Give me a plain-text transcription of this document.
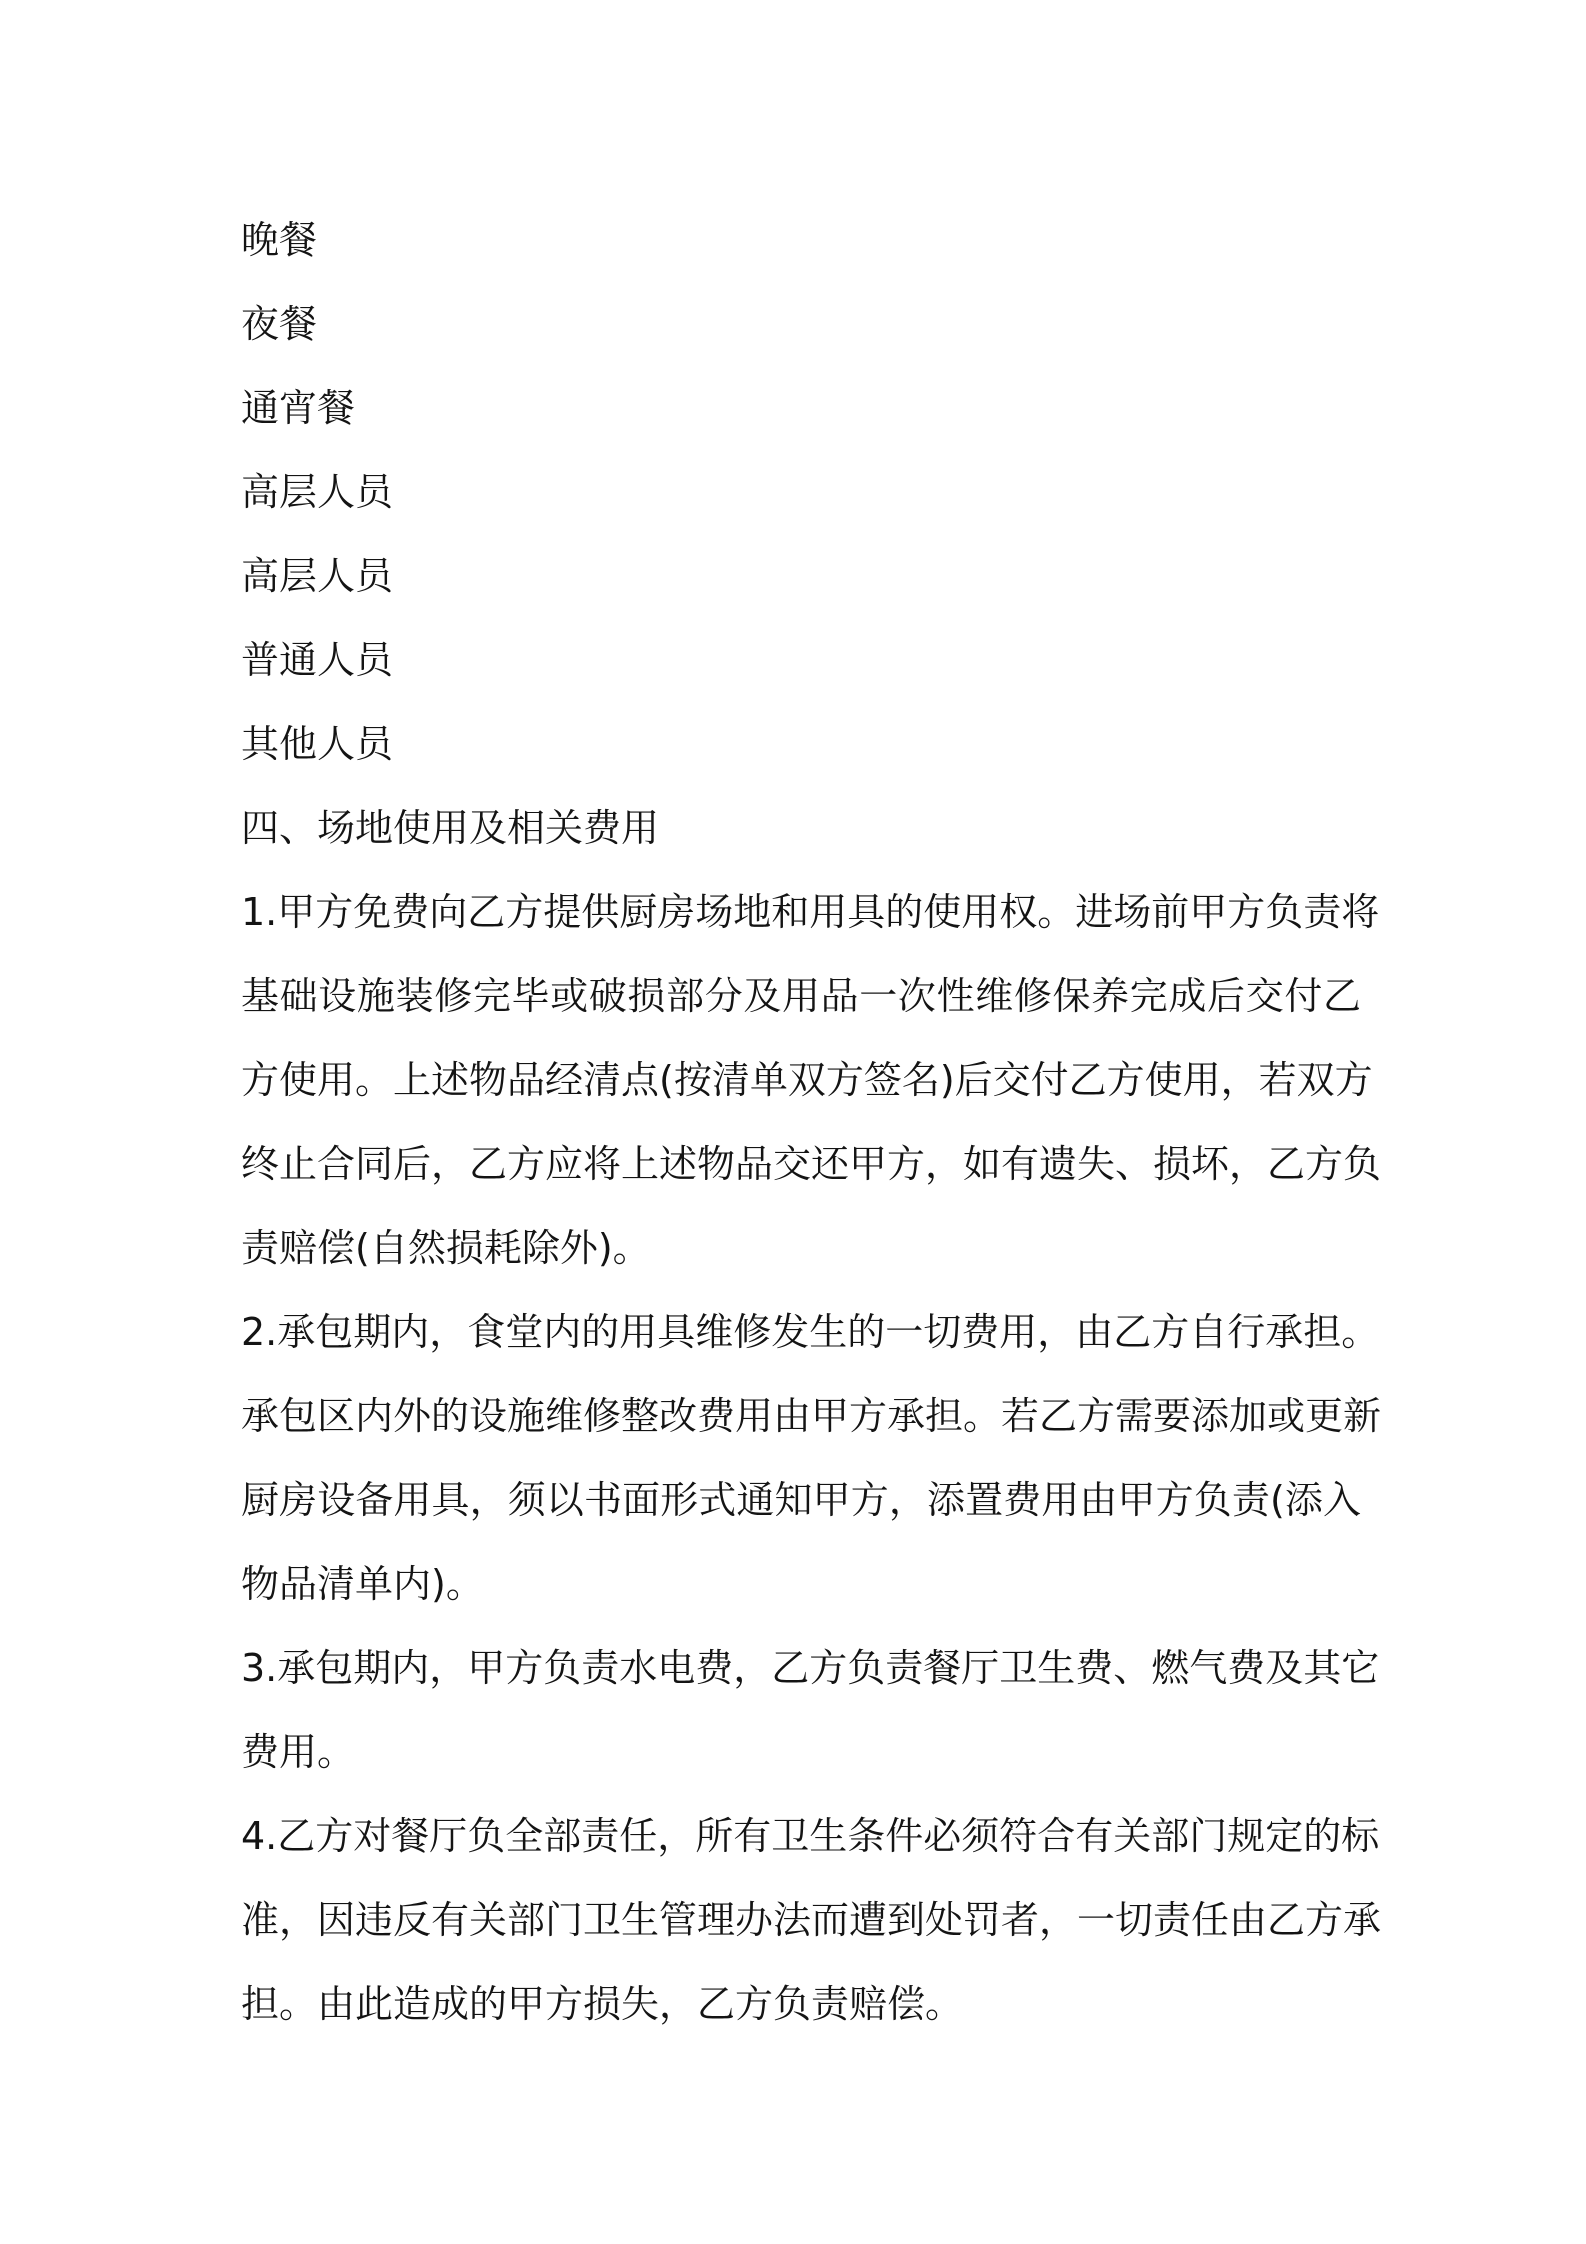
晚餐
夜餐
通宵餐
高层人员
高层人员
普通人员
其他人员
四、场地使用及相关费用
1.甲方免费向乙方提供厨房场地和用具的使用权。进场前甲方负责将
基础设施装修完毕或破损部分及用品一次性维修保养完成后交付乙
方使用。上述物品经清点(按清单双方签名)后交付乙方使用，若双方
终止合同后，乙方应将上述物品交还甲方，如有遗失、损坏，乙方负
责赔偿(自然损耗除外)。
2.承包期内，食堂内的用具维修发生的一切费用，由乙方自行承担。
承包区内外的设施维修整改费用由甲方承担。若乙方需要添加或更新
厨房设备用具，须以书面形式通知甲方，添置费用由甲方负责(添入
物品清单内)。
3.承包期内，甲方负责水电费，乙方负责餐厅卫生费、燃气费及其它
费用。
4.乙方对餐厅负全部责任，所有卫生条件必须符合有关部门规定的标
准，因违反有关部门卫生管理办法而遭到处罚者，一切责任由乙方承
担。由此造成的甲方损失，乙方负责赔偿。
